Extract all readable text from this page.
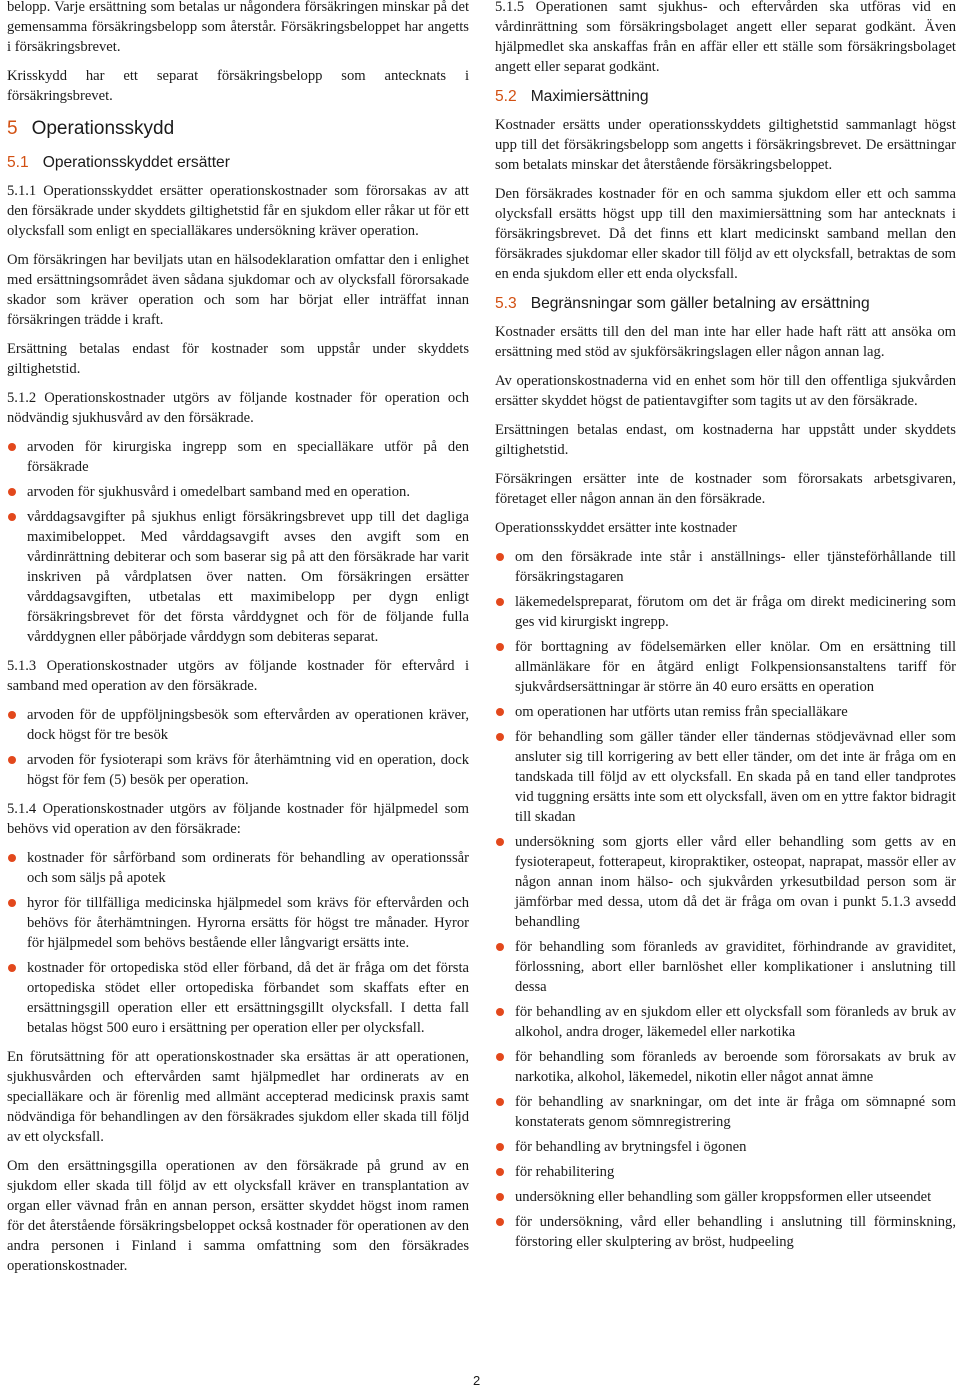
belopp. Varje ersättning som betalas ur någondera försäkringen minskar på det gemensamma försäkringsbelopp som återstår. Försäkringsbeloppet har angetts i försäkringsbrevet.

Krisskydd har ett separat försäkringsbelopp som antecknats i försäkringsbrevet.

5 Operationsskydd
5.1 Operationsskyddet ersätter

5.1.1 Operationsskyddet ersätter operationskostnader som förorsakas av att den försäkrade under skyddets giltighetstid får en sjukdom eller råkar ut för ett olycksfall som enligt en specialläkares undersökning kräver operation.

Om försäkringen har beviljats utan en hälsodeklaration omfattar den i enlighet med ersättningsområdet även sådana sjukdomar och av olycksfall förorsakade skador som kräver operation och som har börjat eller inträffat innan försäkringen trädde i kraft.

Ersättning betalas endast för kostnader som uppstår under skyddets giltighetstid.

5.1.2 Operationskostnader utgörs av följande kostnader för operation och nödvändig sjukhusvård av den försäkrade.

arvoden för kirurgiska ingrepp som en specialläkare utför på den försäkrade
arvoden för sjukhusvård i omedelbart samband med en operation.
vårddagsavgifter på sjukhus enligt försäkringsbrevet upp till det dagliga maximibeloppet. Med vårddagsavgift avses den avgift som en vårdinrättning debiterar och som baserar sig på att den försäkrade har varit inskriven på vårdplatsen över natten. Om försäkringen ersätter vårddagsavgiften, utbetalas ett maximibelopp per dygn enligt försäkringsbrevet för det första vårddygnet och för de följande fulla vårddygnen eller påbörjade vårddygn som debiteras separat.

5.1.3 Operationskostnader utgörs av följande kostnader för eftervård i samband med operation av den försäkrade.

arvoden för de uppföljningsbesök som eftervården av operationen kräver, dock högst för tre besök
arvoden för fysioterapi som krävs för återhämtning vid en operation, dock högst för fem (5) besök per operation.

5.1.4 Operationskostnader utgörs av följande kostnader för hjälpmedel som behövs vid operation av den försäkrade:

kostnader för sårförband som ordinerats för behandling av operationssår och som säljs på apotek
hyror för tillfälliga medicinska hjälpmedel som krävs för eftervården och behövs för återhämtningen. Hyrorna ersätts för högst tre månader. Hyror för hjälpmedel som behövs bestående eller långvarigt ersätts inte.
kostnader för ortopediska stöd eller förband, då det är fråga om det första ortopediska stödet eller ortopediska förbandet som skaffats efter en ersättningsgill operation eller ett ersättningsgillt olycksfall. I detta fall betalas högst 500 euro i ersättning per operation eller per olycksfall.

En förutsättning för att operationskostnader ska ersättas är att operationen, sjukhusvården och eftervården samt hjälpmedlet har ordinerats av en specialläkare och är förenlig med allmänt accepterad medicinsk praxis samt nödvändiga för behandlingen av den försäkrades sjukdom eller skada till följd av ett olycksfall.

Om den ersättningsgilla operationen av den försäkrade på grund av en sjukdom eller skada till följd av ett olycksfall kräver en transplantation av organ eller vävnad från en annan person, ersätter skyddet högst inom ramen för det återstående försäkringsbeloppet också kostnader för operationen av den andra personen i Finland i samma omfattning som den försäkrades operationskostnader.

5.1.5 Operationen samt sjukhus- och eftervården ska utföras vid en vårdinrättning som försäkringsbolaget angett eller separat godkänt. Även hjälpmedlet ska anskaffas från en affär eller ett ställe som försäkringsbolaget angett eller separat godkänt.

5.2 Maximiersättning

Kostnader ersätts under operationsskyddets giltighetstid sammanlagt högst upp till det försäkringsbelopp som angetts i försäkringsbrevet. De ersättningar som betalats minskar det återstående försäkringsbeloppet.

Den försäkrades kostnader för en och samma sjukdom eller ett och samma olycksfall ersätts högst upp till den maximiersättning som har antecknats i försäkringsbrevet. Då det finns ett klart medicinskt samband mellan den försäkrades sjukdomar eller skador till följd av ett olycksfall, betraktas de som en enda sjukdom eller ett enda olycksfall.

5.3 Begränsningar som gäller betalning av ersättning

Kostnader ersätts till den del man inte har eller hade haft rätt att ansöka om ersättning med stöd av sjukförsäkringslagen eller någon annan lag.

Av operationskostnaderna vid en enhet som hör till den offentliga sjukvården ersätter skyddet högst de patientavgifter som tagits ut av den försäkrade.

Ersättningen betalas endast, om kostnaderna har uppstått under skyddets giltighetstid.

Försäkringen ersätter inte de kostnader som förorsakats arbetsgivaren, företaget eller någon annan än den försäkrade.

Operationsskyddet ersätter inte kostnader

om den försäkrade inte står i anställnings- eller tjänsteförhållande till försäkringstagaren
läkemedelspreparat, förutom om det är fråga om direkt medicinering som ges vid kirurgiskt ingrepp.
för borttagning av födelsemärken eller knölar. Om en ersättning till allmänläkare för en åtgärd enligt Folkpensionsanstaltens tariff för sjukvårdsersättningar är större än 40 euro ersätts en operation
om operationen har utförts utan remiss från specialläkare
för behandling som gäller tänder eller tändernas stödjevävnad eller som ansluter sig till korrigering av bett eller tänder, om det inte är fråga om en tandskada till följd av ett olycksfall. En skada på en tand eller tandprotes vid tuggning ersätts inte som ett olycksfall, även om en yttre faktor bidragit till skadan
undersökning som gjorts eller vård eller behandling som getts av en fysioterapeut, fotterapeut, kiropraktiker, osteopat, naprapat, massör eller av någon annan inom hälso- och sjukvården yrkesutbildad person som är jämförbar med dessa, utom då det är fråga om ovan i punkt 5.1.3 avsedd behandling
för behandling som föranleds av graviditet, förhindrande av graviditet, förlossning, abort eller barnlöshet eller komplikationer i anslutning till dessa
för behandling av en sjukdom eller ett olycksfall som föranleds av bruk av alkohol, andra droger, läkemedel eller narkotika
för behandling som föranleds av beroende som förorsakats av bruk av narkotika, alkohol, läkemedel, nikotin eller något annat ämne
för behandling av snarkningar, om det inte är fråga om sömnapné som konstaterats genom sömnregistrering
för behandling av brytningsfel i ögonen
för rehabilitering
undersökning eller behandling som gäller kroppsformen eller utseendet
för undersökning, vård eller behandling i anslutning till förminskning, förstoring eller skulptering av bröst, hudpeeling
2
